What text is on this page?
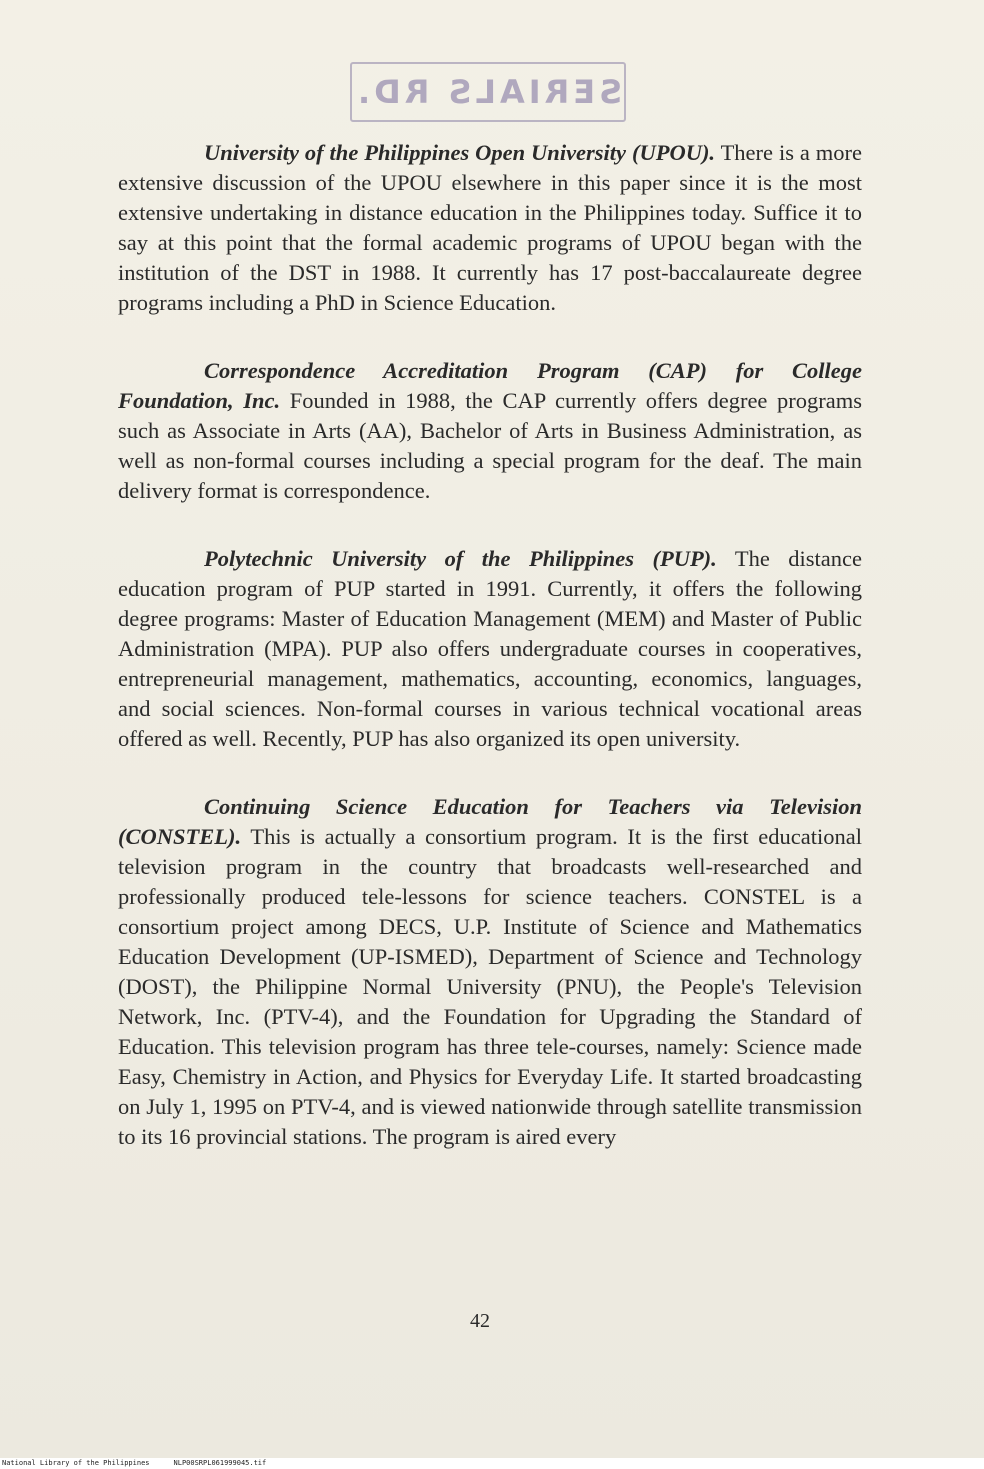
SERIALS RD.

University of the Philippines Open University (UPOU). There is a more extensive discussion of the UPOU elsewhere in this paper since it is the most extensive undertaking in distance education in the Philippines today. Suffice it to say at this point that the formal academic programs of UPOU began with the institution of the DST in 1988. It currently has 17 post-baccalaureate degree programs including a PhD in Science Education.

Correspondence Accreditation Program (CAP) for College Foundation, Inc. Founded in 1988, the CAP currently offers degree programs such as Associate in Arts (AA), Bachelor of Arts in Business Administration, as well as non-formal courses including a special program for the deaf. The main delivery format is correspondence.

Polytechnic University of the Philippines (PUP). The distance education program of PUP started in 1991. Currently, it offers the following degree programs: Master of Education Management (MEM) and Master of Public Administration (MPA). PUP also offers undergraduate courses in cooperatives, entrepreneurial management, mathematics, accounting, economics, languages, and social sciences. Non-formal courses in various technical vocational areas offered as well. Recently, PUP has also organized its open university.

Continuing Science Education for Teachers via Television (CONSTEL). This is actually a consortium program. It is the first educational television program in the country that broadcasts well-researched and professionally produced tele-lessons for science teachers. CONSTEL is a consortium project among DECS, U.P. Institute of Science and Mathematics Education Development (UP-ISMED), Department of Science and Technology (DOST), the Philippine Normal University (PNU), the People's Television Network, Inc. (PTV-4), and the Foundation for Upgrading the Standard of Education. This television program has three tele-courses, namely: Science made Easy, Chemistry in Action, and Physics for Everyday Life. It started broadcasting on July 1, 1995 on PTV-4, and is viewed nationwide through satellite transmission to its 16 provincial stations. The program is aired every

42
National Library of the Philippines	NLP00SRPL061999045.tif
